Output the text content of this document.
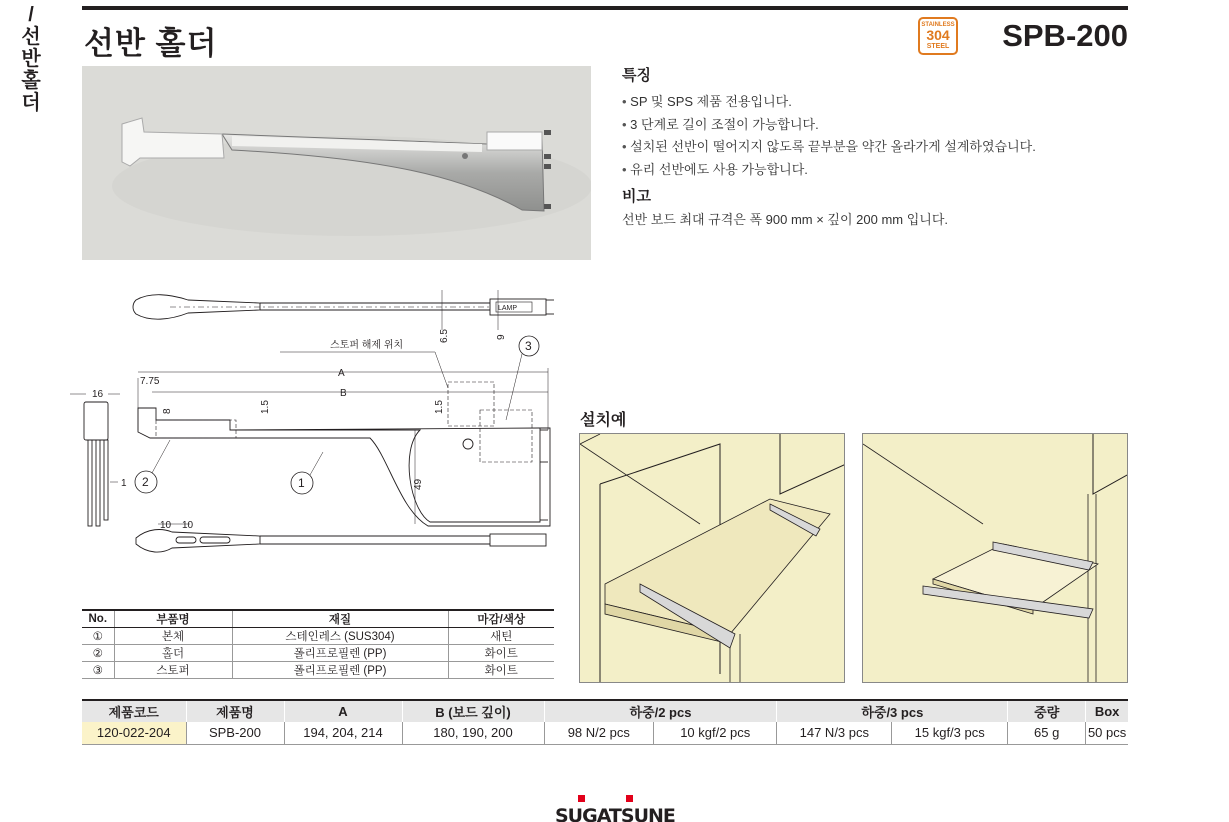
/
선
반
홀
더
선반 홀더
STAINLESS
304
STEEL SPB-200
특징
• SP 및 SPS 제품 전용입니다.
• 3 단계로 길이 조절이 가능합니다.
• 설치된 선반이 떨어지지 않도록 끝부분을 약간 올라가게 설계하였습니다.
• 유리 선반에도 사용 가능합니다.
비고
선반 보드 최대 규격은 폭 900 mm × 깊이 200 mm 입니다.
LAMP
6.5	9
스토퍼 해제 위치	3
A
B
7.75
8	1.5	1.5
49
1
2
16
1
10 10
설치예
No.	부품명	재질	마감/색상
①	본체	스테인레스 (SUS304)	새틴
②	홀더	폴리프로필렌 (PP)	화이트
③	스토퍼	폴리프로필렌 (PP)	화이트
제품코드	제품명	A	B (보드 깊이)	하중/2 pcs		하중/3 pcs		중량	Box
120-022-204	SPB-200	194, 204, 214	180, 190, 200	98 N/2 pcs	10 kgf/2 pcs	147 N/3 pcs	15 kgf/3 pcs	65 g	50 pcs
SUGATSUNE
